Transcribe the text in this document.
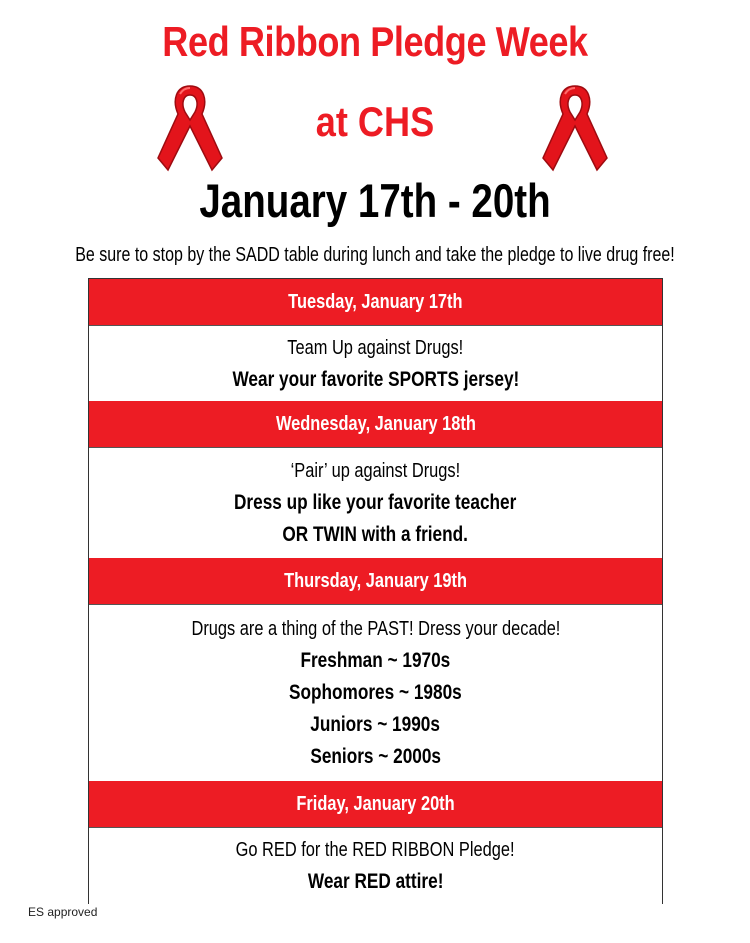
Red Ribbon Pledge Week
at CHS
January 17th - 20th
Be sure to stop by the SADD table during lunch and take the pledge to live drug free!
Tuesday, January 17th
Team Up against Drugs!
Wear your favorite SPORTS jersey!
Wednesday, January 18th
‘Pair’ up against Drugs!
Dress up like your favorite teacher
OR TWIN with a friend.
Thursday, January 19th
Drugs are a thing of the PAST! Dress your decade!
Freshman ~ 1970s
Sophomores ~ 1980s
Juniors ~ 1990s
Seniors ~ 2000s
Friday, January 20th
Go RED for the RED RIBBON Pledge!
Wear RED attire!
ES approved
